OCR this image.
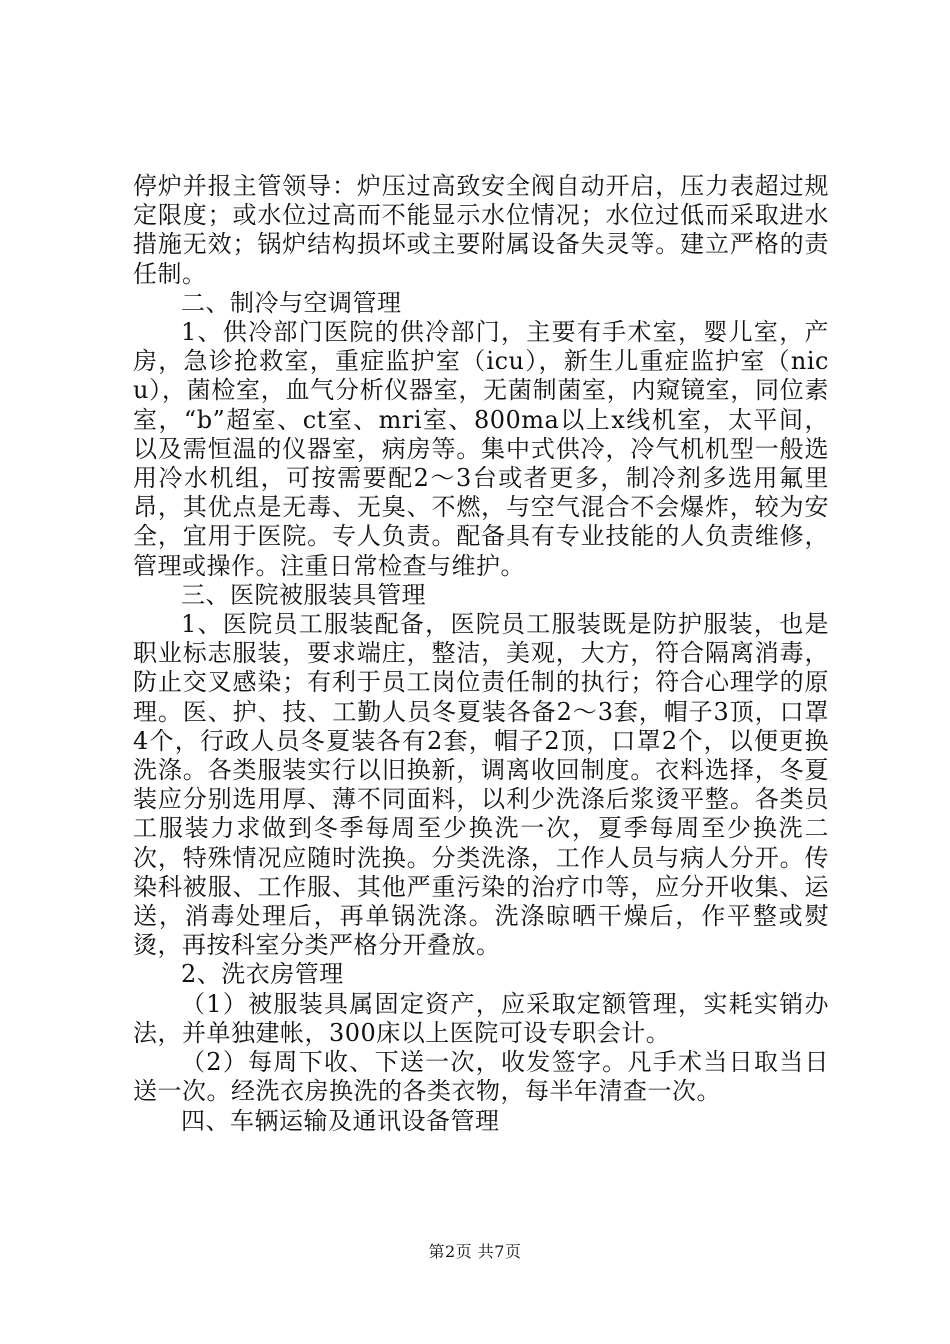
停炉并报主管领导：炉压过高致安全阀自动开启，压力表超过规定限度；或水位过高而不能显示水位情况；水位过低而采取进水措施无效；锅炉结构损坏或主要附属设备失灵等。建立严格的责任制。

二、制冷与空调管理

1、供冷部门医院的供冷部门，主要有手术室，婴儿室，产房，急诊抢救室，重症监护室（icu），新生儿重症监护室（nicu），菌检室，血气分析仪器室，无菌制菌室，内窥镜室，同位素室，“b”超室、ct室、mri室、800ma以上x线机室，太平间，以及需恒温的仪器室，病房等。集中式供冷，冷气机机型一般选用冷水机组，可按需要配2～3台或者更多，制冷剂多选用氟里昂，其优点是无毒、无臭、不燃，与空气混合不会爆炸，较为安全，宜用于医院。专人负责。配备具有专业技能的人负责维修，管理或操作。注重日常检查与维护。

三、医院被服装具管理

1、医院员工服装配备，医院员工服装既是防护服装，也是职业标志服装，要求端庄，整洁，美观，大方，符合隔离消毒，防止交叉感染；有利于员工岗位责任制的执行；符合心理学的原理。医、护、技、工勤人员冬夏装各备2～3套，帽子3顶，口罩4个，行政人员冬夏装各有2套，帽子2顶，口罩2个，以便更换洗涤。各类服装实行以旧换新，调离收回制度。衣料选择，冬夏装应分别选用厚、薄不同面料，以利少洗涤后浆烫平整。各类员工服装力求做到冬季每周至少换洗一次，夏季每周至少换洗二次，特殊情况应随时洗换。分类洗涤，工作人员与病人分开。传染科被服、工作服、其他严重污染的治疗巾等，应分开收集、运送，消毒处理后，再单锅洗涤。洗涤晾晒干燥后，作平整或熨烫，再按科室分类严格分开叠放。

2、洗衣房管理

（1）被服装具属固定资产，应采取定额管理，实耗实销办法，并单独建帐，300床以上医院可设专职会计。

（2）每周下收、下送一次，收发签字。凡手术当日取当日送一次。经洗衣房换洗的各类衣物，每半年清查一次。

四、车辆运输及通讯设备管理

第2页 共7页
